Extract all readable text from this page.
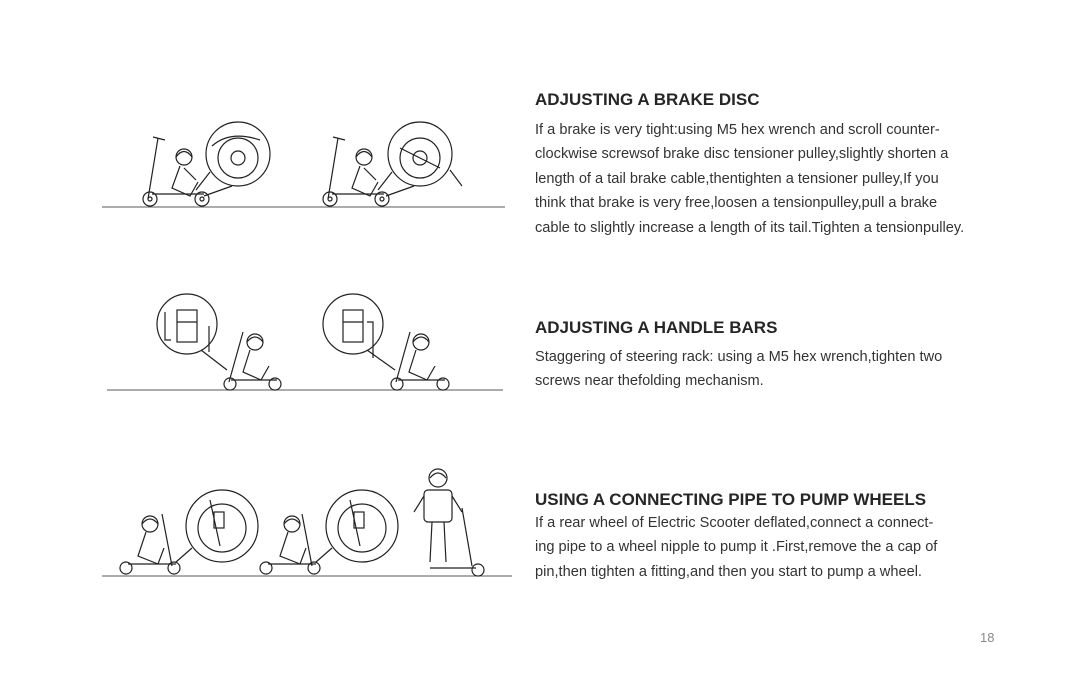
ADJUSTING A BRAKE DISC

If a brake is very tight:using M5 hex wrench and scroll counter-
clockwise screwsof brake disc tensioner pulley,slightly shorten a
length of a tail brake cable,thentighten a tensioner pulley,If you
think that brake is very free,loosen a tensionpulley,pull a brake
cable to slightly increase a length of its tail.Tighten a tensionpulley.

ADJUSTING A HANDLE BARS

Staggering of steering rack: using a M5 hex wrench,tighten two
screws near thefolding mechanism.

USING A CONNECTING PIPE TO PUMP WHEELS

If a rear wheel of Electric Scooter deflated,connect a connect-
ing pipe to a wheel nipple to pump it .First,remove the a cap of
pin,then tighten a fitting,and then you start to pump a wheel.

18
